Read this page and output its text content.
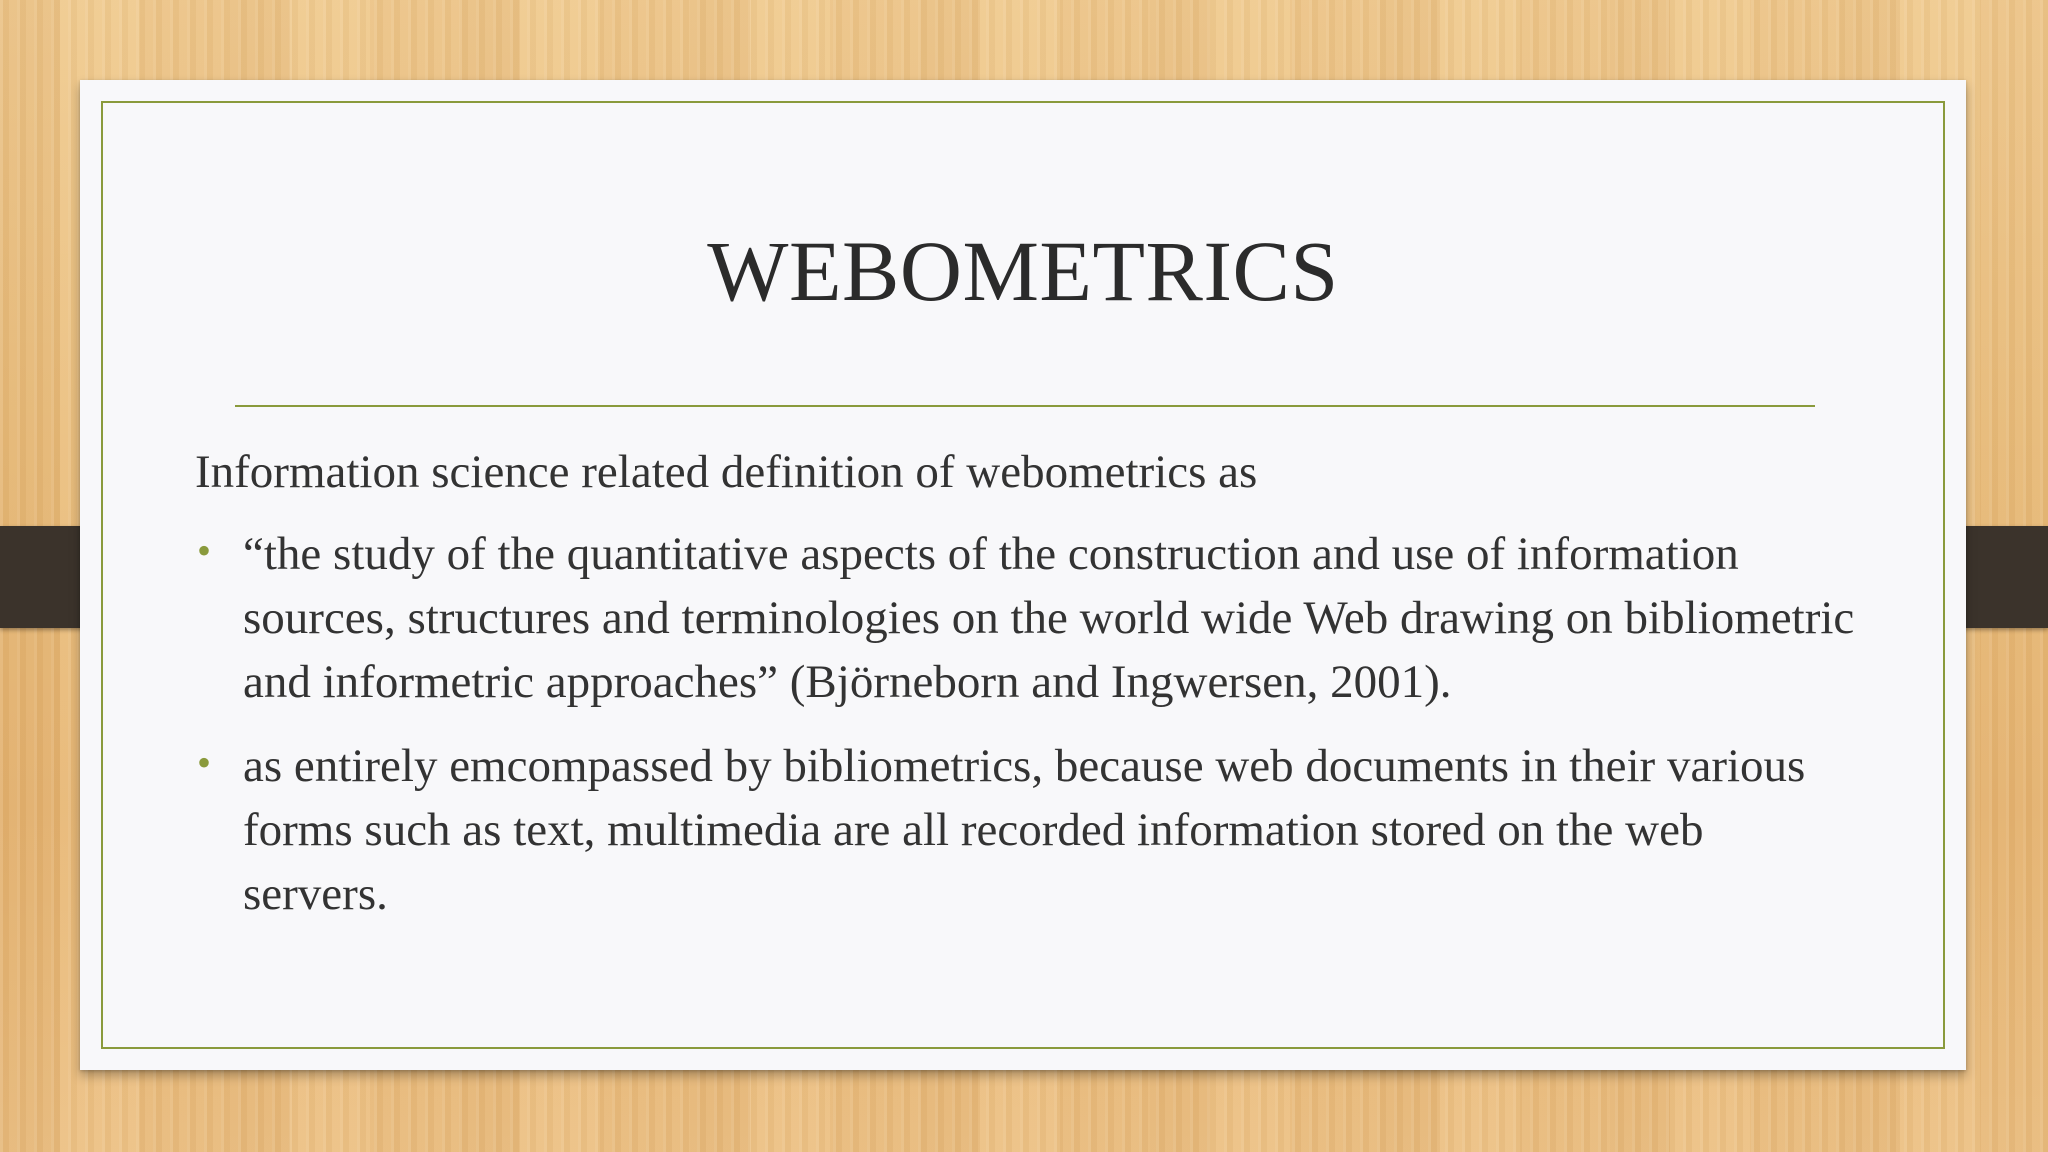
WEBOMETRICS

Information science related definition of webometrics as

• “the study of the quantitative aspects of the construction and use of information sources, structures and terminologies on the world wide Web drawing on bibliometric and informetric approaches” (Björneborn and Ingwersen, 2001).
• as entirely emcompassed by bibliometrics, because web documents in their various forms such as text, multimedia are all recorded information stored on the web servers.
